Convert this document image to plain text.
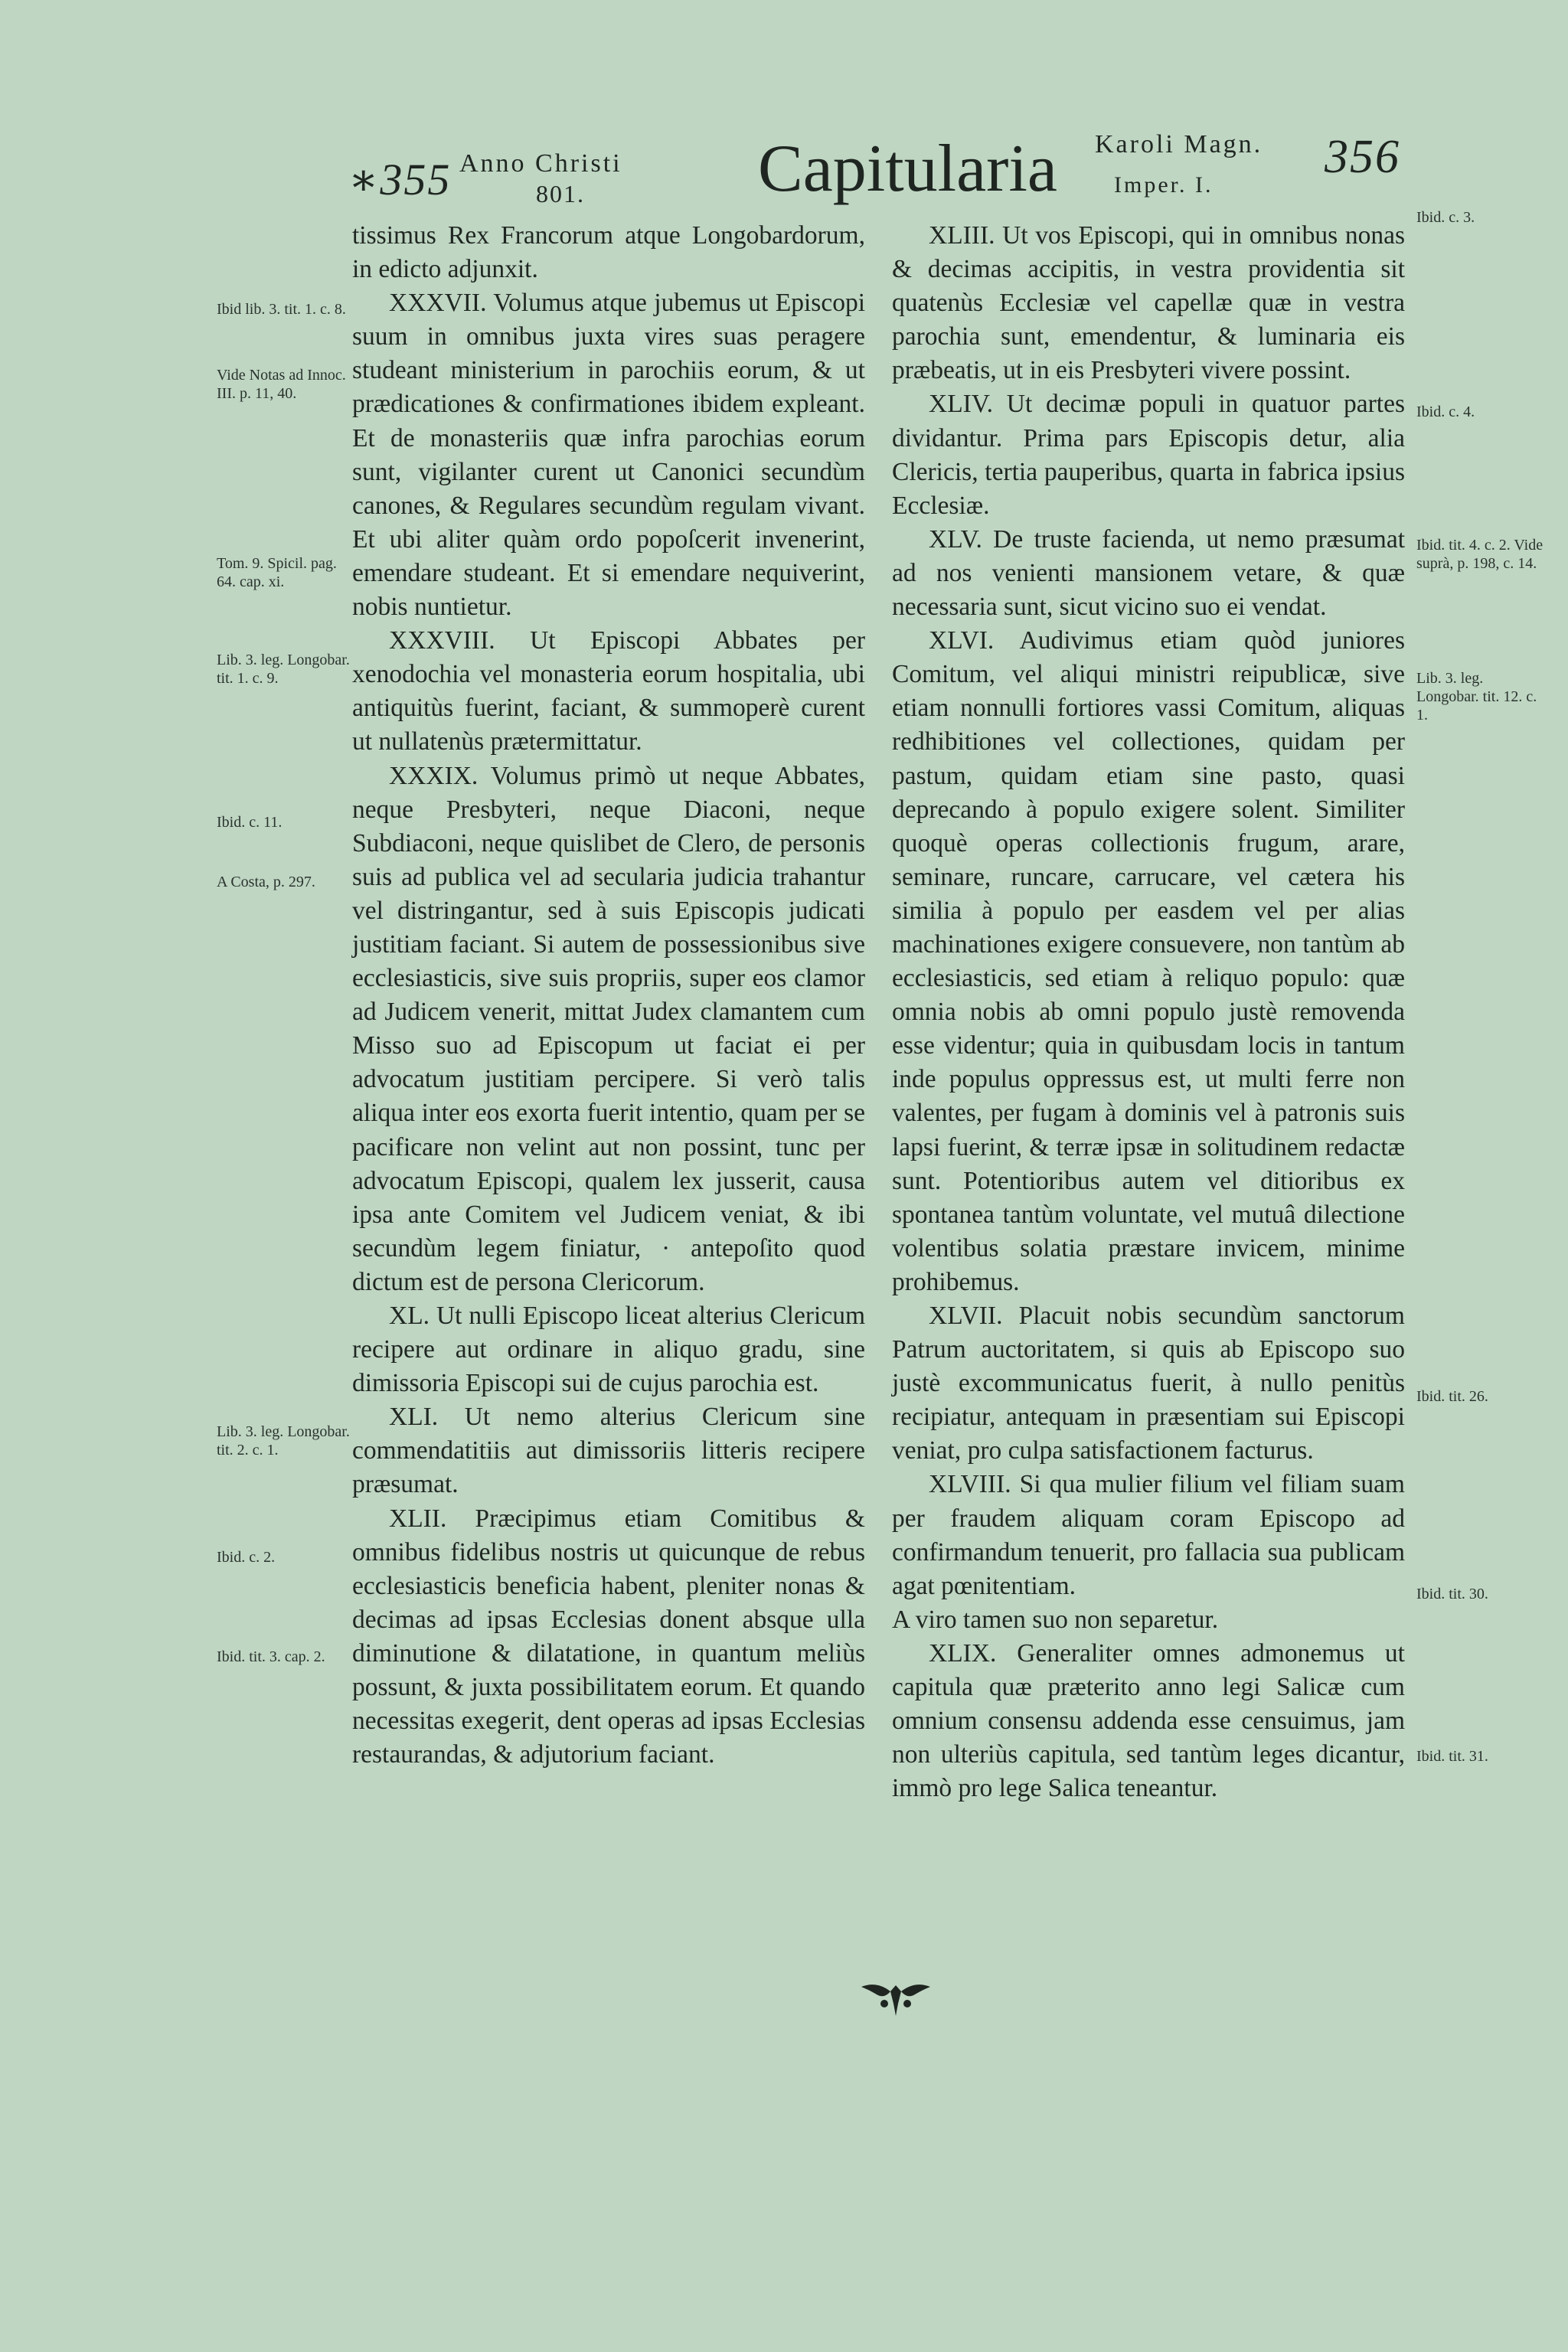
∗355 Anno Christi
801.	Capitularia Karoli Magn.
Imper. I.
356

tissimus Rex Francorum atque Longobardorum, in edicto adjunxit.

XXXVII. Volumus atque jubemus ut Episcopi suum in omnibus juxta vires suas peragere studeant ministerium in parochiis eorum, & ut prædicationes & confirmationes ibidem expleant. Et de monasteriis quæ infra parochias eorum sunt, vigilanter curent ut Canonici secundùm canones, & Regulares secundùm regulam vivant. Et ubi aliter quàm ordo popoſcerit invenerint, emendare studeant. Et si emendare nequiverint, nobis nuntietur.

XXXVIII. Ut Episcopi Abbates per xenodochia vel monasteria eorum hospitalia, ubi antiquitùs fuerint, faciant, & summoperè curent ut nullatenùs prætermittatur.

XXXIX. Volumus primò ut neque Abbates, neque Presbyteri, neque Diaconi, neque Subdiaconi, neque quislibet de Clero, de personis suis ad publica vel ad secularia judicia trahantur vel distringantur, sed à suis Episcopis judicati justitiam faciant. Si autem de possessionibus sive ecclesiasticis, sive suis propriis, super eos clamor ad Judicem venerit, mittat Judex clamantem cum Misso suo ad Episcopum ut faciat ei per advocatum justitiam percipere. Si verò talis aliqua inter eos exorta fuerit intentio, quam per se pacificare non velint aut non possint, tunc per advocatum Episcopi, qualem lex jusserit, causa ipsa ante Comitem vel Judicem veniat, & ibi secundùm legem finiatur, · antepoſito quod dictum est de persona Clericorum.

XL. Ut nulli Episcopo liceat alterius Clericum recipere aut ordinare in aliquo gradu, sine dimissoria Episcopi sui de cujus parochia est.

XLI. Ut nemo alterius Clericum sine commendatitiis aut dimissoriis litteris recipere præsumat.

XLII. Præcipimus etiam Comitibus & omnibus fidelibus nostris ut quicunque de rebus ecclesiasticis beneficia habent, pleniter nonas & decimas ad ipsas Ecclesias donent absque ulla diminutione & dilatatione, in quantum meliùs possunt, & juxta possibilitatem eorum. Et quando necessitas exegerit, dent operas ad ipsas Ecclesias restaurandas, & adjutorium faciant.

XLIII. Ut vos Episcopi, qui in omnibus nonas & decimas accipitis, in vestra providentia sit quatenùs Ecclesiæ vel capellæ quæ in vestra parochia sunt, emendentur, & luminaria eis præbeatis, ut in eis Presbyteri vivere possint.

XLIV. Ut decimæ populi in quatuor partes dividantur. Prima pars Episcopis detur, alia Clericis, tertia pauperibus, quarta in fabrica ipsius Ecclesiæ.

XLV. De truste facienda, ut nemo præsumat ad nos venienti mansionem vetare, & quæ necessaria sunt, sicut vicino suo ei vendat.

XLVI. Audivimus etiam quòd juniores Comitum, vel aliqui ministri reipublicæ, sive etiam nonnulli fortiores vassi Comitum, aliquas redhibitiones vel collectiones, quidam per pastum, quidam etiam sine pasto, quasi deprecando à populo exigere solent. Similiter quoquè operas collectionis frugum, arare, seminare, runcare, carrucare, vel cætera his similia à populo per easdem vel per alias machinationes exigere consuevere, non tantùm ab ecclesiasticis, sed etiam à reliquo populo: quæ omnia nobis ab omni populo justè removenda esse videntur; quia in quibusdam locis in tantum inde populus oppressus est, ut multi ferre non valentes, per fugam à dominis vel à patronis suis lapsi fuerint, & terræ ipsæ in solitudinem redactæ sunt. Potentioribus autem vel ditioribus ex spontanea tantùm voluntate, vel mutuâ dilectione volentibus solatia præstare invicem, minime prohibemus.

XLVII. Placuit nobis secundùm sanctorum Patrum auctoritatem, si quis ab Episcopo suo justè excommunicatus fuerit, à nullo penitùs recipiatur, antequam in præsentiam sui Episcopi veniat, pro culpa satisfactionem facturus.

XLVIII. Si qua mulier filium vel filiam suam per fraudem aliquam coram Episcopo ad confirmandum tenuerit, pro fallacia sua publicam agat pœnitentiam.

A viro tamen suo non separetur.

XLIX. Generaliter omnes admonemus ut capitula quæ præterito anno legi Salicæ cum omnium consensu addenda esse censuimus, jam non ulteriùs capitula, sed tantùm leges dicantur, immò pro lege Salica teneantur.

Ibid lib. 3. tit. 1. c. 8.
Vide Notas ad Innoc. III. p. 11, 40.
Tom. 9. Spicil. pag. 64. cap. xi.
Lib. 3. leg. Longobar. tit. 1. c. 9.
Ibid. c. 11.
A Costa, p. 297.
Lib. 3. leg. Longobar. tit. 2. c. 1.
Ibid. c. 2.
Ibid. tit. 3. cap. 2.
Ibid. c. 3.
Ibid. c. 4.
Ibid. tit. 4. c. 2. Vide suprà, p. 198, c. 14.
Lib. 3. leg. Longobar. tit. 12. c. 1.
Ibid. tit. 26.
Ibid. tit. 30.
Ibid. tit. 31.
